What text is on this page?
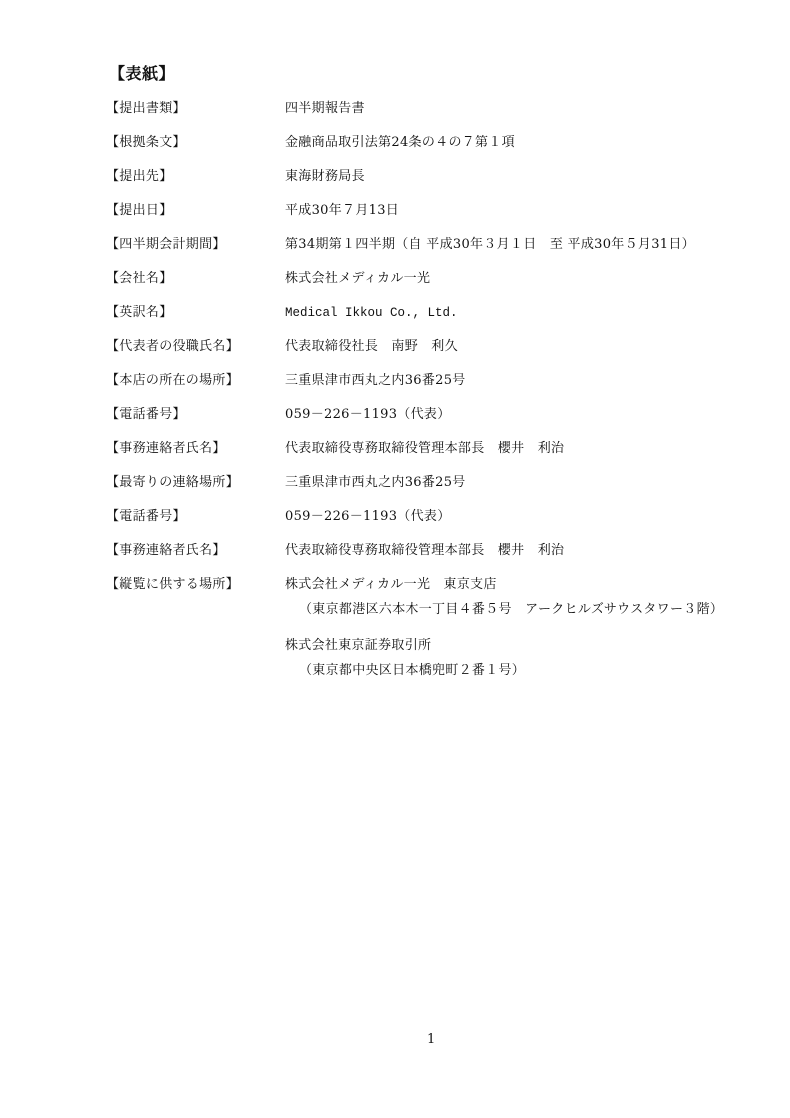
【表紙】
【提出書類】	四半期報告書
【根拠条文】	金融商品取引法第24条の４の７第１項
【提出先】	東海財務局長
【提出日】	平成30年７月13日
【四半期会計期間】	第34期第１四半期（自 平成30年３月１日　至 平成30年５月31日）
【会社名】	株式会社メディカル一光
【英訳名】	Medical Ikkou Co., Ltd.
【代表者の役職氏名】	代表取締役社長　南野　利久
【本店の所在の場所】	三重県津市西丸之内36番25号
【電話番号】	059－226－1193（代表）
【事務連絡者氏名】	代表取締役専務取締役管理本部長　櫻井　利治
【最寄りの連絡場所】	三重県津市西丸之内36番25号
【電話番号】	059－226－1193（代表）
【事務連絡者氏名】	代表取締役専務取締役管理本部長　櫻井　利治
【縦覧に供する場所】	株式会社メディカル一光　東京支店
（東京都港区六本木一丁目４番５号　アークヒルズサウスタワー３階）
株式会社東京証券取引所
（東京都中央区日本橋兜町２番１号）
1
